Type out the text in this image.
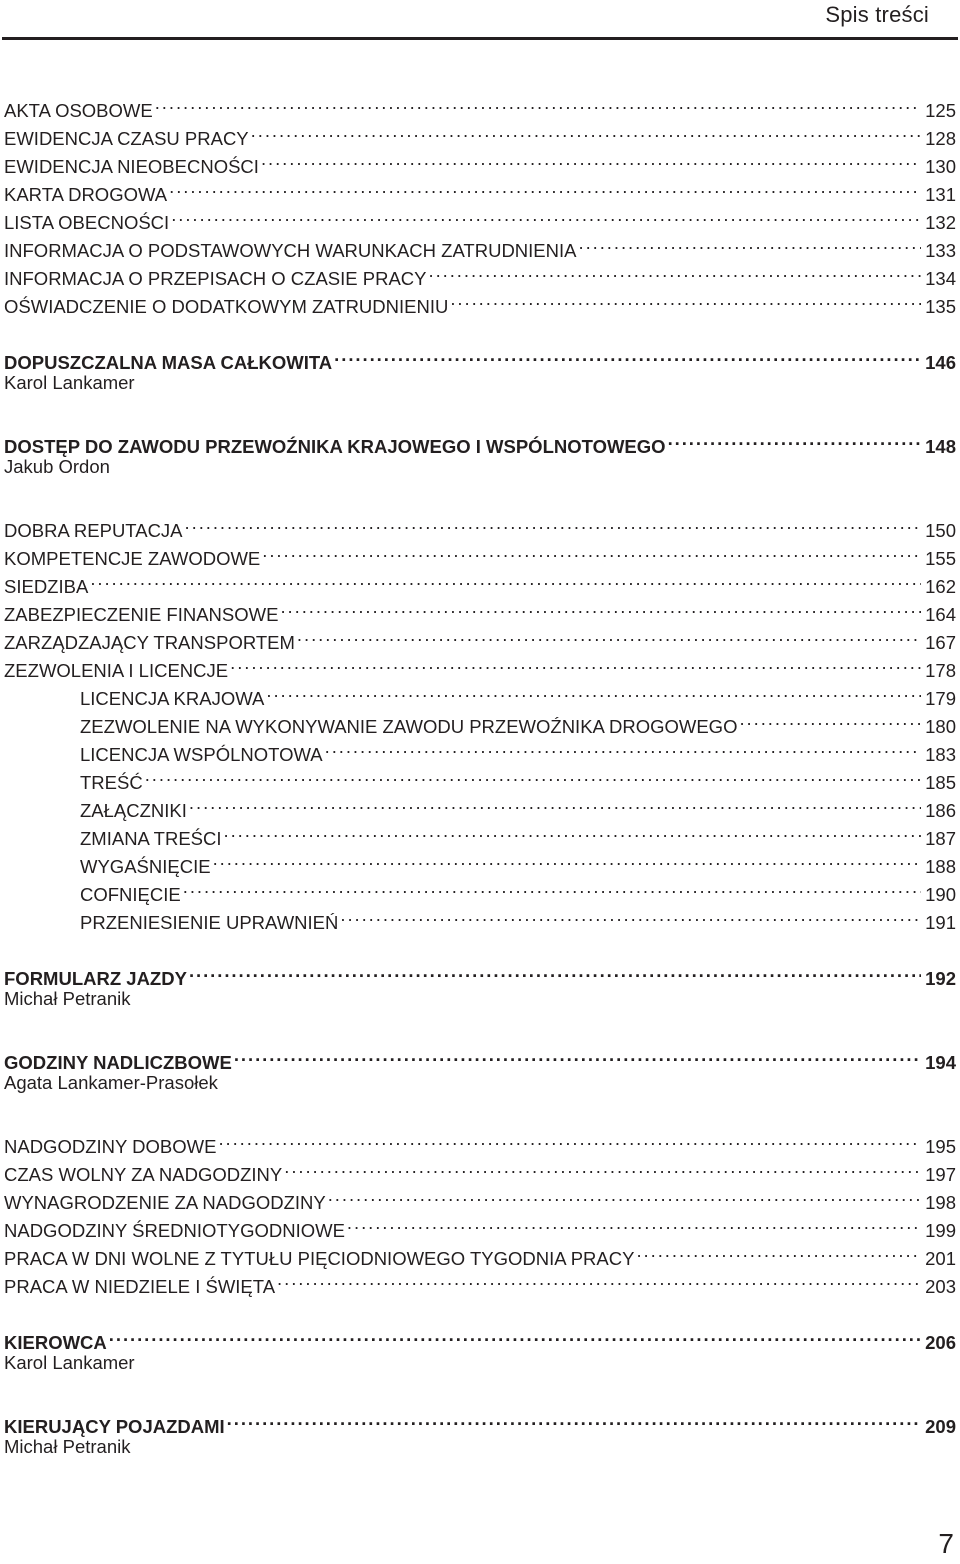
Spis treści
AKTA OSOBOWE . . .	125
EWIDENCJA CZASU PRACY . . .	128
EWIDENCJA NIEOBECNOŚCI . . .	130
KARTA DROGOWA . . .	131
LISTA OBECNOŚCI . . .	132
INFORMACJA O PODSTAWOWYCH WARUNKACH ZATRUDNIENIA . . .	133
INFORMACJA O PRZEPISACH O CZASIE PRACY . . .	134
OŚWIADCZENIE O DODATKOWYM ZATRUDNIENIU . . .	135
DOPUSZCZALNA MASA CAŁKOWITA . . .	146
Karol Lankamer
DOSTĘP DO ZAWODU PRZEWOŹNIKA KRAJOWEGO I WSPÓLNOTOWEGO . . .	148
Jakub Ordon
DOBRA REPUTACJA . . .	150
KOMPETENCJE ZAWODOWE . . .	155
SIEDZIBA . . .	162
ZABEZPIECZENIE FINANSOWE . . .	164
ZARZĄDZAJĄCY TRANSPORTEM . . .	167
ZEZWOLENIA I LICENCJE . . .	178
LICENCJA KRAJOWA . . .	179
ZEZWOLENIE NA WYKONYWANIE ZAWODU PRZEWOŹNIKA DROGOWEGO . . .	180
LICENCJA WSPÓLNOTOWA . . .	183
TREŚĆ . . .	185
ZAŁĄCZNIKI . . .	186
ZMIANA TREŚCI . . .	187
WYGAŚNIĘCIE . . .	188
COFNIĘCIE . . .	190
PRZENIESIENIE UPRAWNIEŃ . . .	191
FORMULARZ JAZDY . . .	192
Michał Petranik
GODZINY NADLICZBOWE . . .	194
Agata Lankamer-Prasołek
NADGODZINY DOBOWE . . .	195
CZAS WOLNY ZA NADGODZINY . . .	197
WYNAGRODZENIE ZA NADGODZINY . . .	198
NADGODZINY ŚREDNIOTYGODNIOWE . . .	199
PRACA W DNI WOLNE Z TYTUŁU PIĘCIODNIOWEGO TYGODNIA PRACY . . .	201
PRACA W NIEDZIELE I ŚWIĘTA . . .	203
KIEROWCA . . .	206
Karol Lankamer
KIERUJĄCY POJAZDAMI . . .	209
Michał Petranik
7
